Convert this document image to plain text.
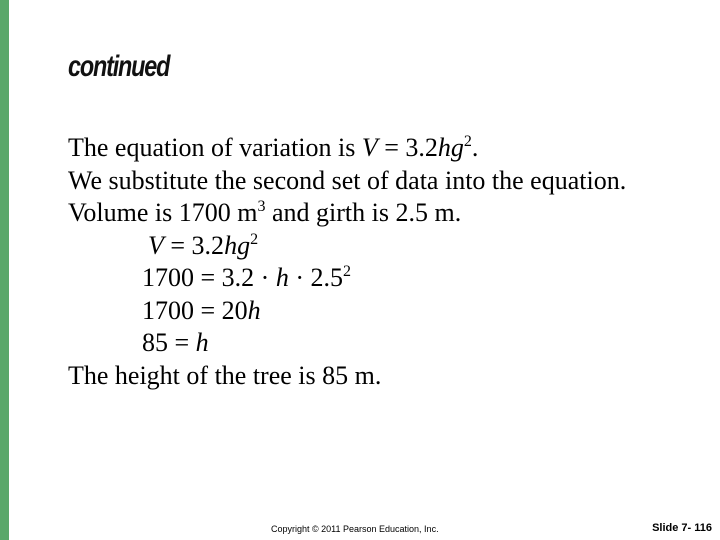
continued
The equation of variation is $V = 3.2hg^2$.
We substitute the second set of data into the equation.
Volume is 1700 $m^3$ and girth is 2.5 m.
$V = 3.2hg^2$
$1700 = 3.2 \cdot h \cdot 2.5^2$
1700 = 20h
85 = h
The height of the tree is 85 m.
Copyright © 2011 Pearson Education, Inc.	Slide 7- 116
